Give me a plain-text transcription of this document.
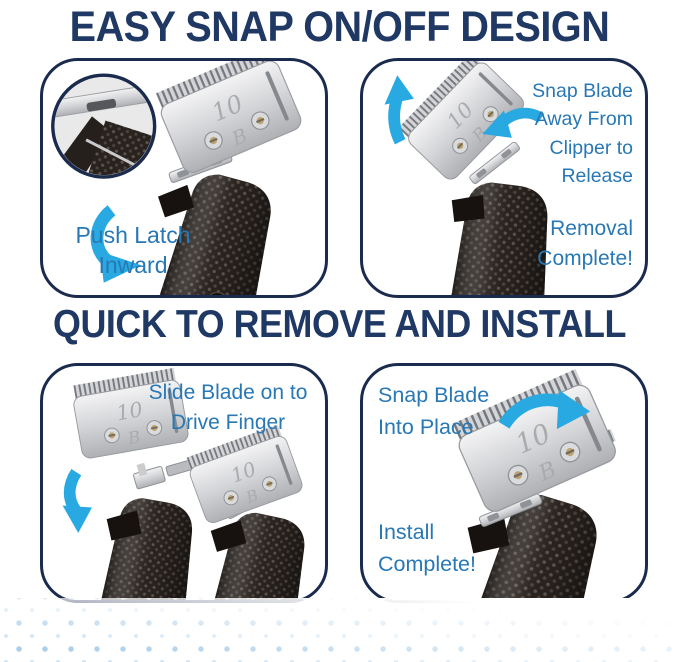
EASY SNAP ON/OFF DESIGN
Push Latch Inward
Snap Blade Away From Clipper to Release
Removal Complete!
QUICK TO REMOVE AND INSTALL
Slide Blade on to Drive Finger
Snap Blade Into Place
Install Complete!
